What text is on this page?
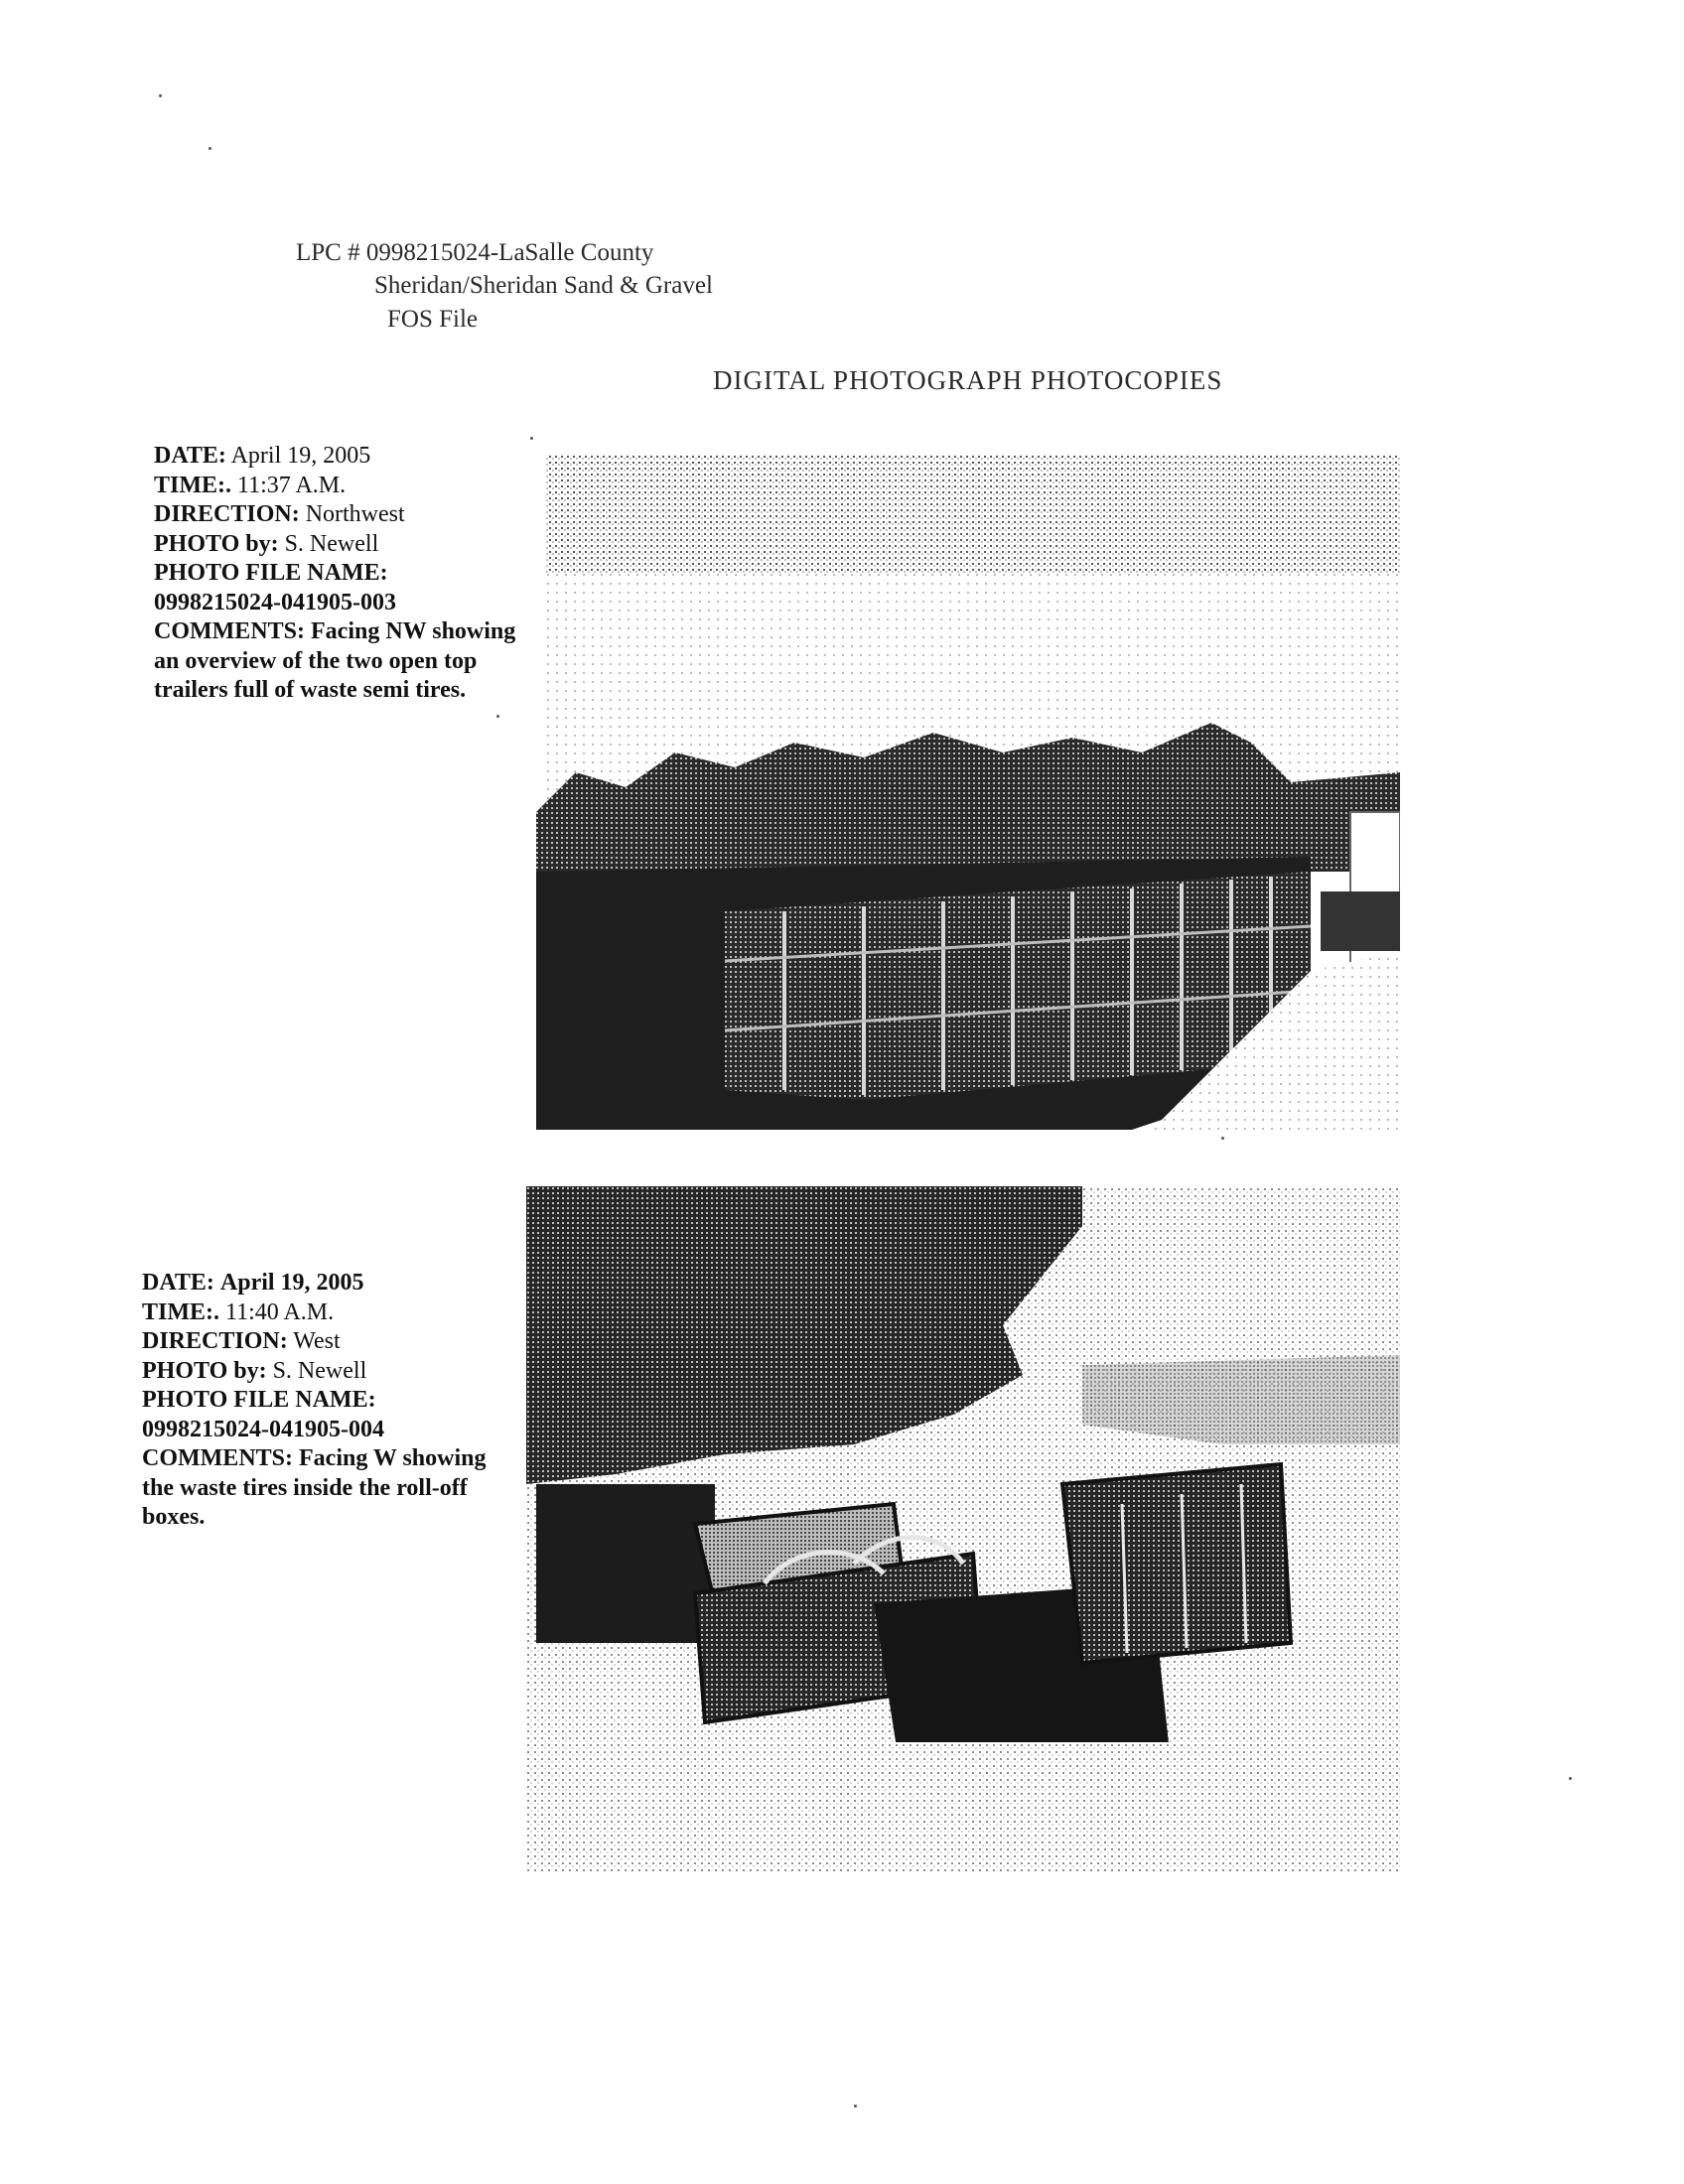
LPC # 0998215024-LaSalle County
Sheridan/Sheridan Sand & Gravel
FOS File
DIGITAL PHOTOGRAPH PHOTOCOPIES
DATE: April 19, 2005
TIME:. 11:37 A.M.
DIRECTION: Northwest
PHOTO by: S. Newell
PHOTO FILE NAME:
0998215024-041905-003
COMMENTS: Facing NW showing an overview of the two open top trailers full of waste semi tires.
DATE: April 19, 2005
TIME:. 11:40 A.M.
DIRECTION: West
PHOTO by: S. Newell
PHOTO FILE NAME:
0998215024-041905-004
COMMENTS: Facing W showing the waste tires inside the roll-off boxes.
